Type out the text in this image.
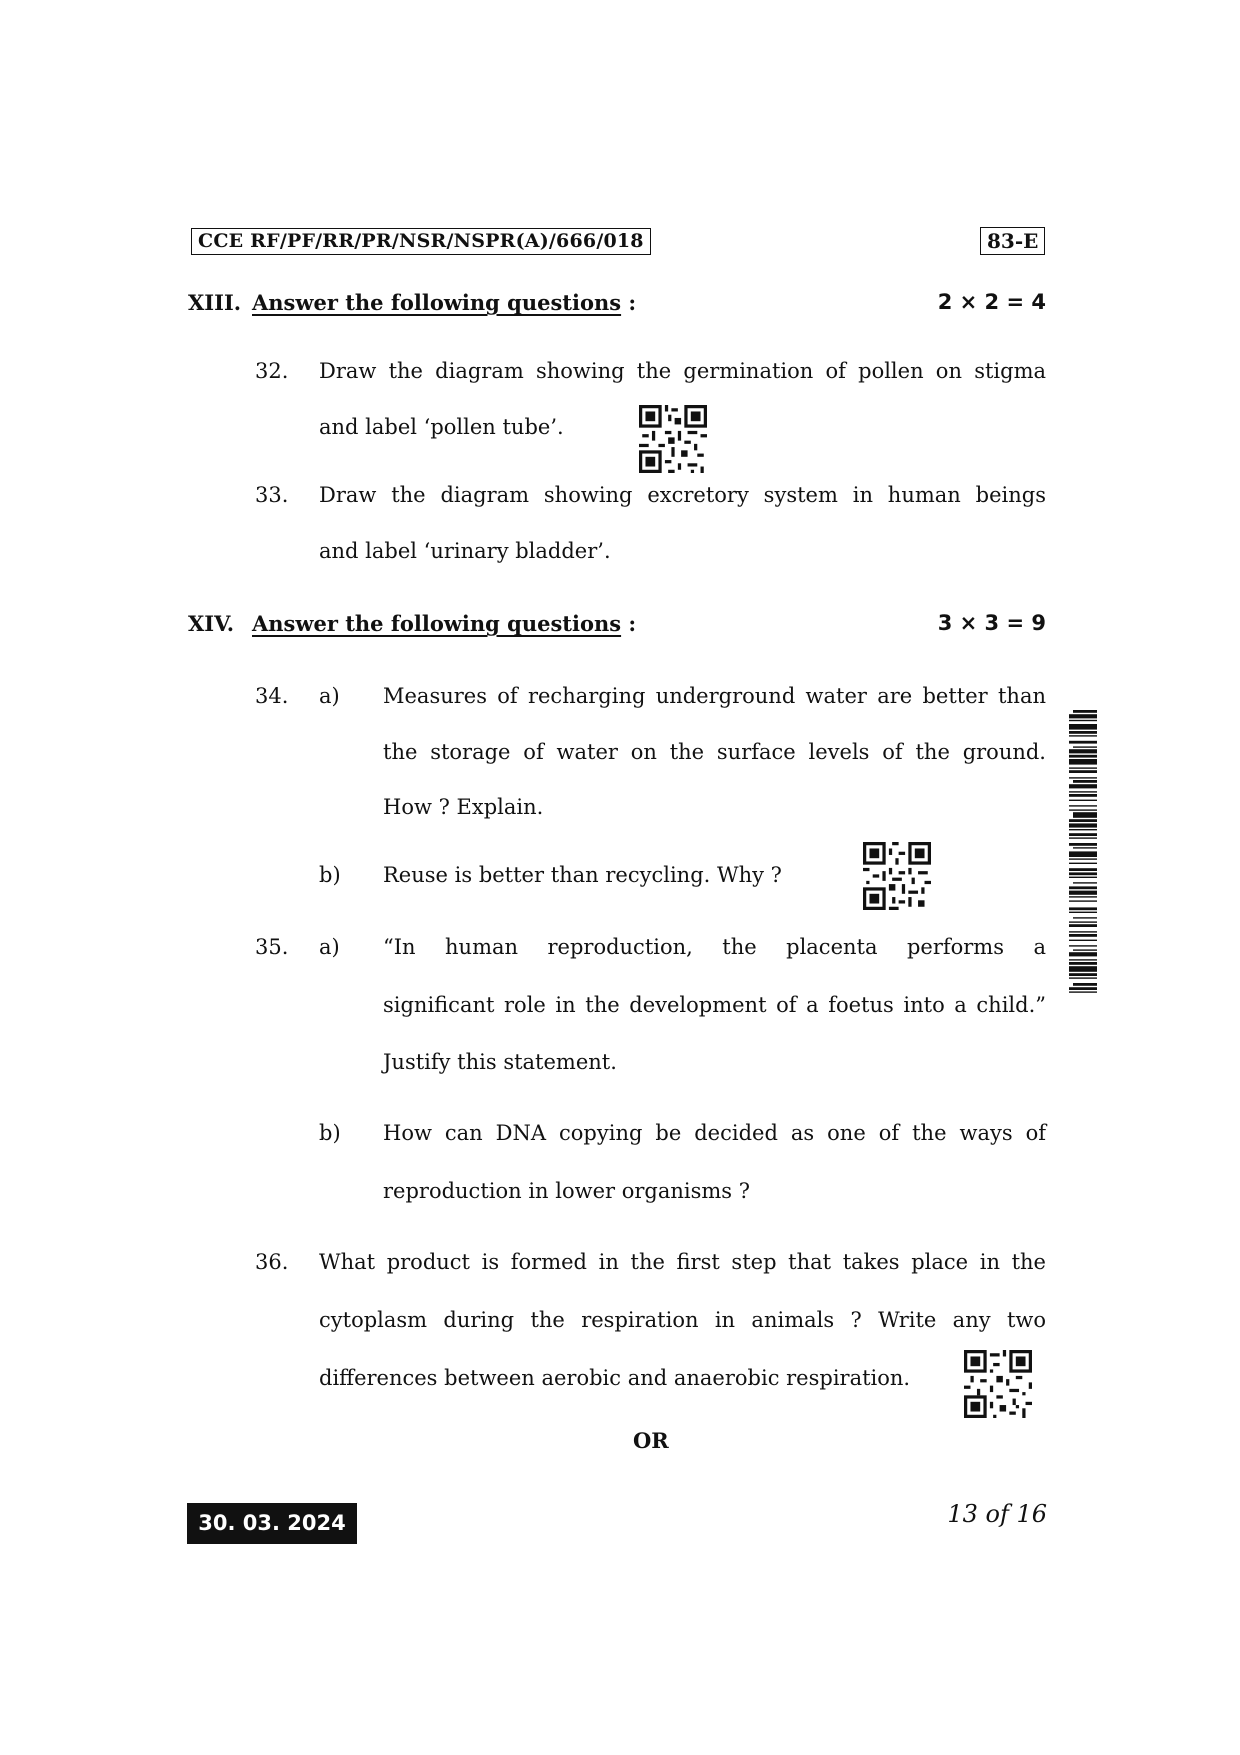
CCE RF/PF/RR/PR/NSR/NSPR(A)/666/018	83-E
XIII. Answer the following questions :	2 × 2 = 4
32. Draw the diagram showing the germination of pollen on stigma
and label ‘pollen tube’.
33. Draw the diagram showing excretory system in human beings
and label ‘urinary bladder’.
XIV. Answer the following questions :	3 × 3 = 9
34. a) Measures of recharging underground water are better than
the storage of water on the surface levels of the ground.
How ? Explain.
b) Reuse is better than recycling. Why ?
35. a) “In human reproduction, the placenta performs a
significant role in the development of a foetus into a child.”
Justify this statement.
b) How can DNA copying be decided as one of the ways of
reproduction in lower organisms ?
36. What product is formed in the first step that takes place in the
cytoplasm during the respiration in animals ? Write any two
differences between aerobic and anaerobic respiration.
OR
30. 03. 2024	13 of 16
